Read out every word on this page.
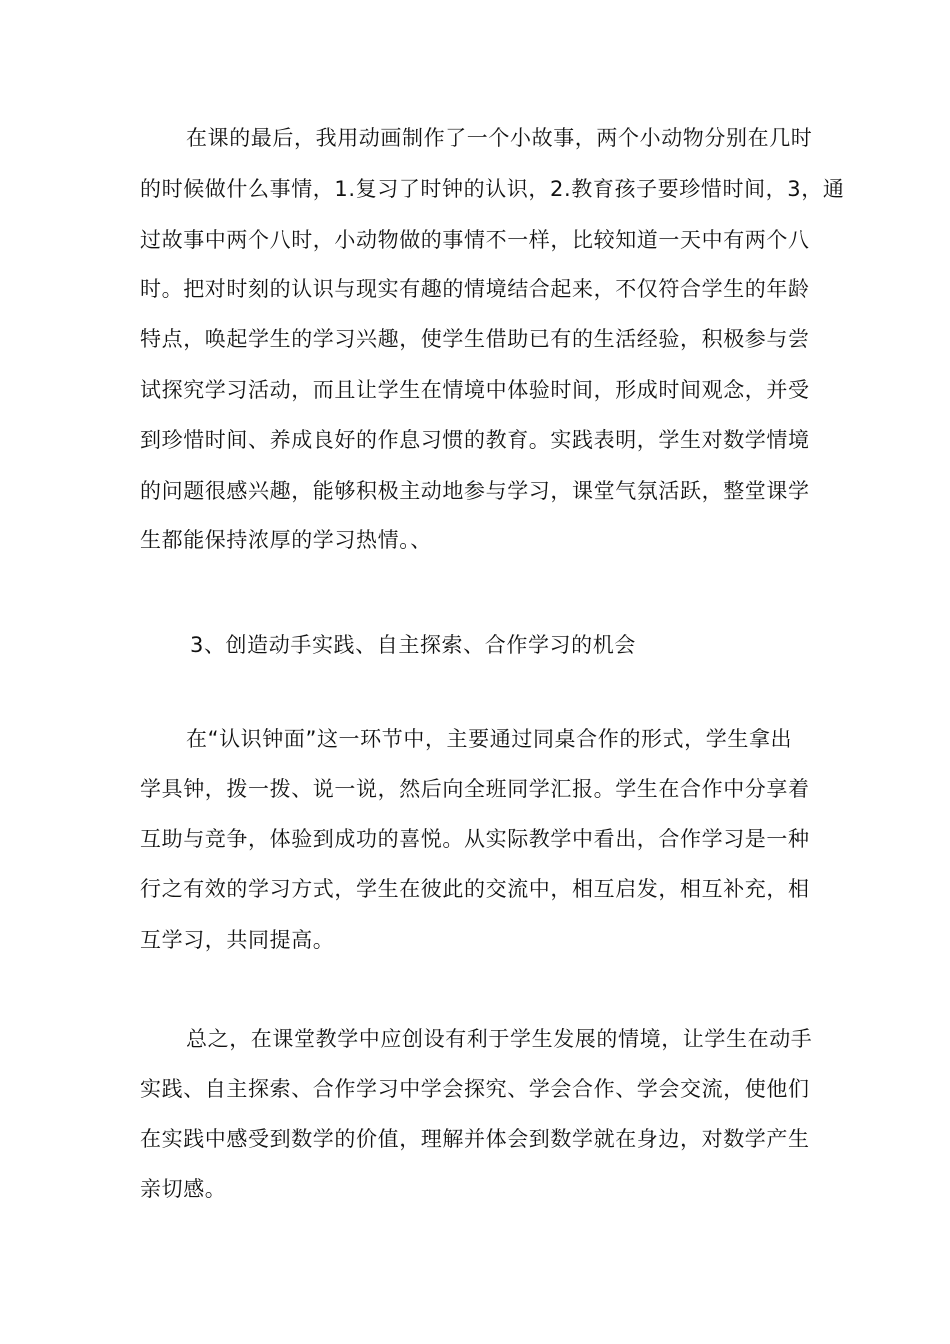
在课的最后，我用动画制作了一个小故事，两个小动物分别在几时
的时候做什么事情，1.复习了时钟的认识，2.教育孩子要珍惜时间，3，通
过故事中两个八时，小动物做的事情不一样，比较知道一天中有两个八
时。把对时刻的认识与现实有趣的情境结合起来，不仅符合学生的年龄
特点，唤起学生的学习兴趣，使学生借助已有的生活经验，积极参与尝
试探究学习活动，而且让学生在情境中体验时间，形成时间观念，并受
到珍惜时间、养成良好的作息习惯的教育。实践表明，学生对数学情境
的问题很感兴趣，能够积极主动地参与学习，课堂气氛活跃，整堂课学
生都能保持浓厚的学习热情。、
3、创造动手实践、自主探索、合作学习的机会
在“认识钟面”这一环节中，主要通过同桌合作的形式，学生拿出
学具钟，拨一拨、说一说，然后向全班同学汇报。学生在合作中分享着
互助与竞争，体验到成功的喜悦。从实际教学中看出，合作学习是一种
行之有效的学习方式，学生在彼此的交流中，相互启发，相互补充，相
互学习，共同提高。
总之，在课堂教学中应创设有利于学生发展的情境，让学生在动手
实践、自主探索、合作学习中学会探究、学会合作、学会交流，使他们
在实践中感受到数学的价值，理解并体会到数学就在身边，对数学产生
亲切感。
